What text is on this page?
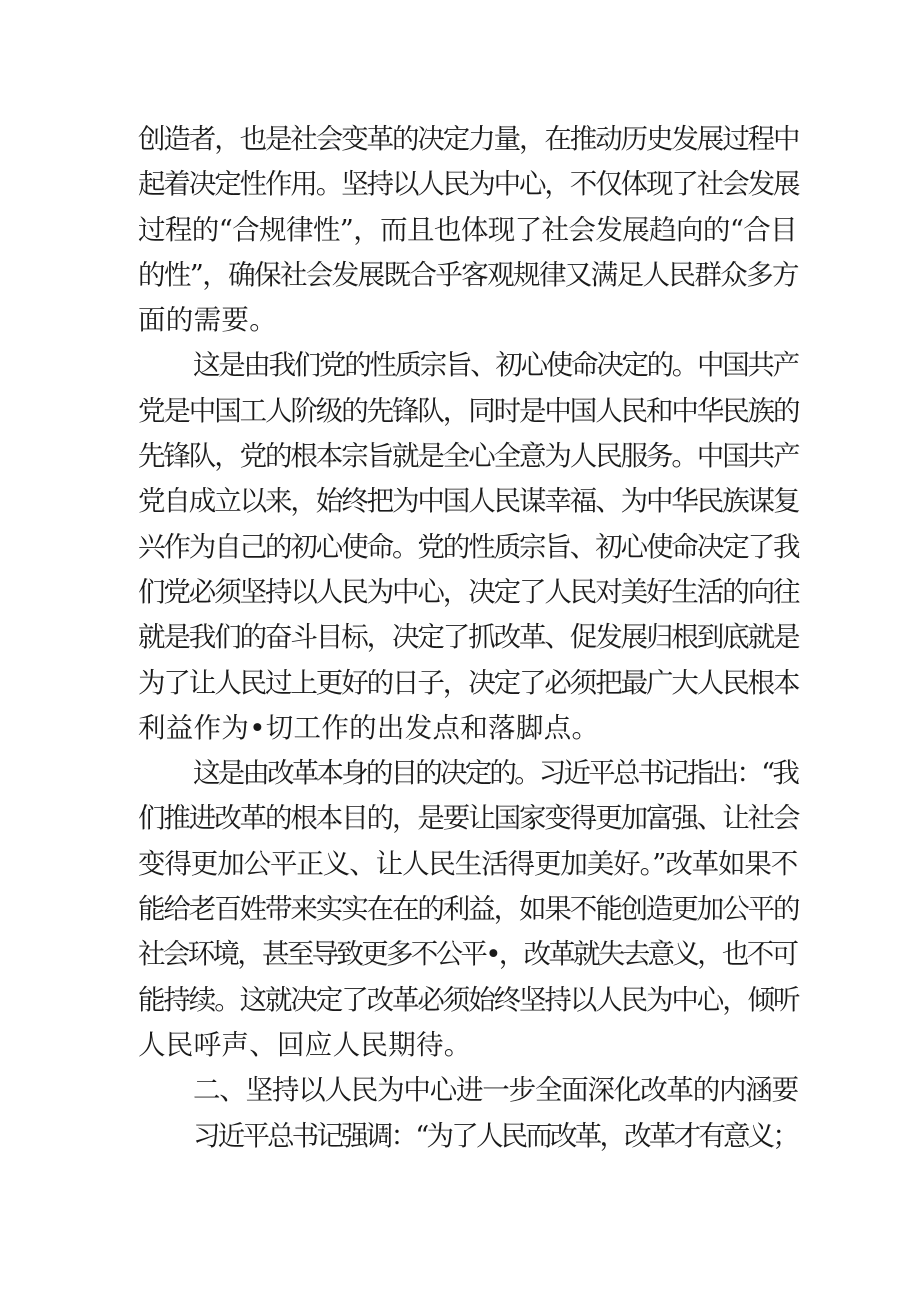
创造者，也是社会变革的决定力量，在推动历史发展过程中
起着决定性作用。坚持以人民为中心，不仅体现了社会发展
过程的“合规律性”，而且也体现了社会发展趋向的“合目
的性”，确保社会发展既合乎客观规律又满足人民群众多方
面的需要。
这是由我们党的性质宗旨、初心使命决定的。中国共产
党是中国工人阶级的先锋队，同时是中国人民和中华民族的
先锋队，党的根本宗旨就是全心全意为人民服务。中国共产
党自成立以来，始终把为中国人民谋幸福、为中华民族谋复
兴作为自己的初心使命。党的性质宗旨、初心使命决定了我
们党必须坚持以人民为中心，决定了人民对美好生活的向往
就是我们的奋斗目标，决定了抓改革、促发展归根到底就是
为了让人民过上更好的日子，决定了必须把最广大人民根本
利益作为•切工作的出发点和落脚点。
这是由改革本身的目的决定的。习近平总书记指出：“我
们推进改革的根本目的，是要让国家变得更加富强、让社会
变得更加公平正义、让人民生活得更加美好。”改革如果不
能给老百姓带来实实在在的利益，如果不能创造更加公平的
社会环境，甚至导致更多不公平•，改革就失去意义，也不可
能持续。这就决定了改革必须始终坚持以人民为中心，倾听
人民呼声、回应人民期待。
二、坚持以人民为中心进一步全面深化改革的内涵要
习近平总书记强调：“为了人民而改革，改革才有意义；
